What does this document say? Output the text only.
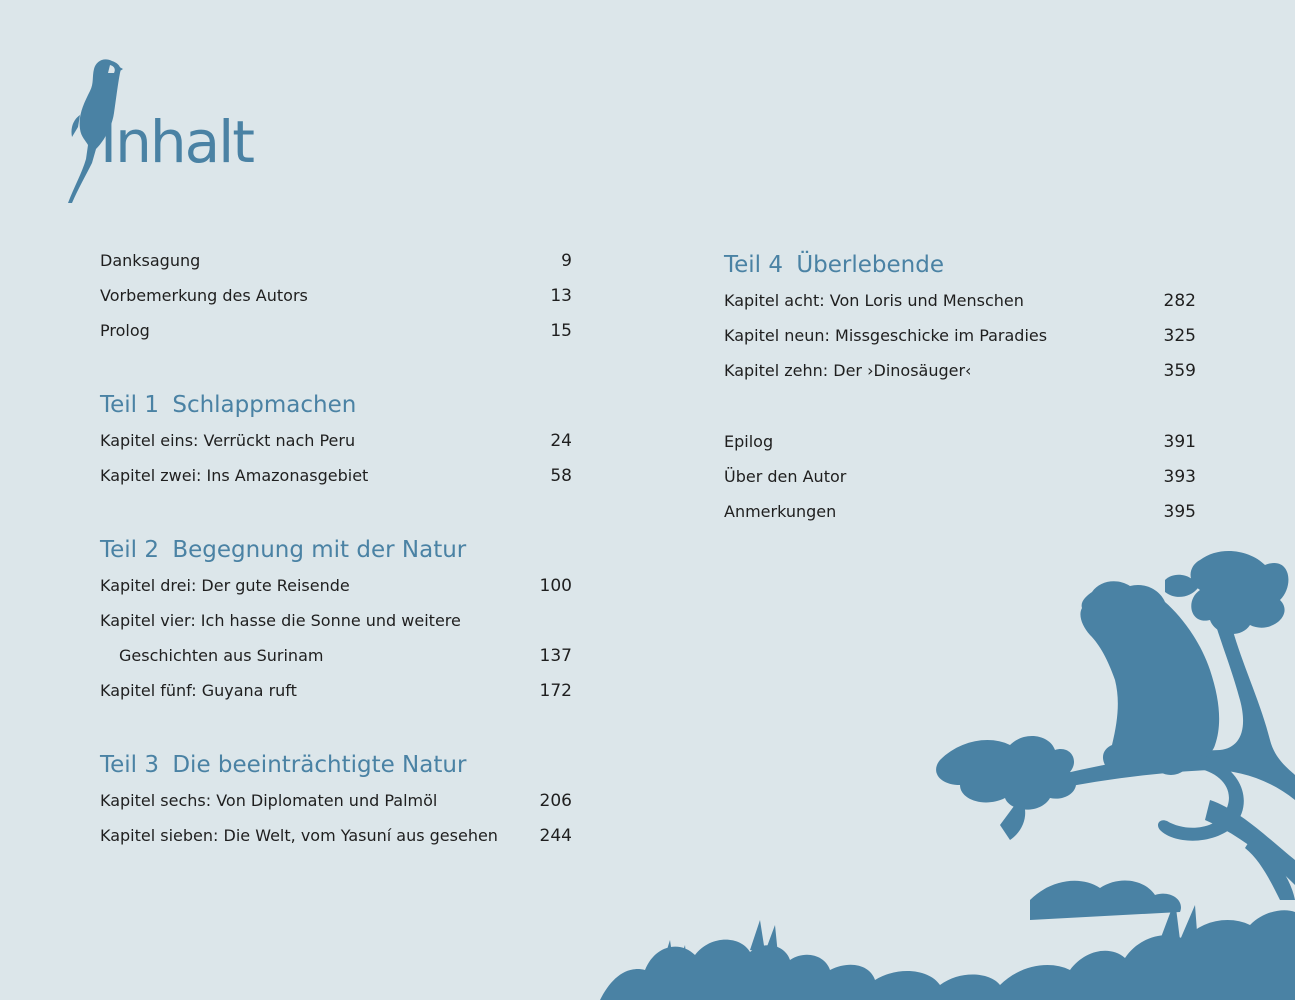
Inhalt
Danksagung	9
Vorbemerkung des Autors	13
Prolog	15
Teil 1 Schlappmachen
Kapitel eins: Verrückt nach Peru	24
Kapitel zwei: Ins Amazonasgebiet	58
Teil 2 Begegnung mit der Natur
Kapitel drei: Der gute Reisende	100
Kapitel vier: Ich hasse die Sonne und weitere
Geschichten aus Surinam	137
Kapitel fünf: Guyana ruft	172
Teil 3 Die beeinträchtigte Natur
Kapitel sechs: Von Diplomaten und Palmöl	206
Kapitel sieben: Die Welt, vom Yasuní aus gesehen 244
Teil 4 Überlebende
Kapitel acht: Von Loris und Menschen	282
Kapitel neun: Missgeschicke im Paradies	325
Kapitel zehn: Der ›Dinosäuger‹	359
Epilog	391
Über den Autor	393
Anmerkungen	395
